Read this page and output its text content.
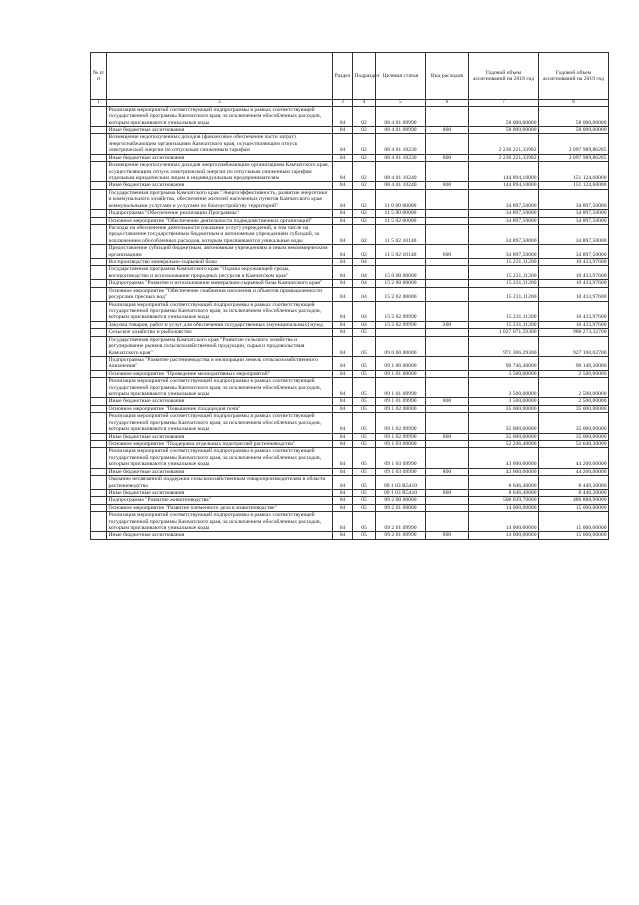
№ п/п		Раздел	Подраздел	Целевая статья	Вид расходов	Годовой объем ассигнований на 2018 год	Годовой объем ассигнований на 2019 год
1	2	3	4	5	6	7	8
	Реализация мероприятий соответствующей подпрограммы в рамках соответствующей государственной программы Камчатского края, за исключением обособленных расходов, которым присваиваются уникальные коды	04	02	08 4 01 09990		58 000,00000	58 000,00000
	Иные бюджетные ассигнования	04	02	08 4 01 09990	800	58 000,00000	58 000,00000
	Возмещение недополученных доходов (финансовое обеспечение части затрат) энергоснабжающим организациям Камчатского края, осуществляющим отпуск электрической энергии по отпускным сниженным тарифам	04	02	08 4 01 10230		2 236 221,33982	3 097 989,86285
	Иные бюджетные ассигнования	04	02	08 4 01 10230	800	2 236 221,33982	3 097 989,86285
	Возмещение недополученных доходов энергоснабжающим организациям Камчатского края, осуществляющим отпуск электрической энергии по отпускным сниженным тарифам отдельным юридическим лицам и индивидуальным предпринимателям	04	02	08 4 01 10240		144 894,10000	151 124,60000
	Иные бюджетные ассигнования	04	02	08 4 01 10240	800	144 894,10000	151 124,60000
	Государственная программа Камчатского края "Энергоэффективность, развитие энергетики и коммунального хозяйства, обеспечение жителей населенных пунктов Камчатского края коммунальными услугами и услугами по благоустройству территорий"	04	02	11 0 00 00000		34 897,50000	34 897,50000
	Подпрограмма "Обеспечение реализации Программы"	04	02	11 5 00 00000		34 897,50000	34 897,50000
	Основное мероприятие "Обеспечение деятельности подведомственных организаций"	04	02	11 5 02 00000		34 897,50000	34 897,50000
	Расходы на обеспечение деятельности (оказание услуг) учреждений, в том числе на предоставление государственным бюджетным и автономным учреждениям субсидий, за исключением обособленных расходов, которым присваиваются уникальные коды	04	02	11 5 02 10140		34 897,50000	34 897,50000
	Предоставление субсидий бюджетным, автономным учреждениям и иным некоммерческим организациям	04	02	11 5 02 10140	600	34 897,50000	34 897,50000
	Воспроизводство минерально-сырьевой базы	04	04			15 231,11200	10 433,97600
	Государственная программа Камчатского края "Охрана окружающей среды, воспроизводство и использование природных ресурсов в Камчатском крае"	04	04	15 0 00 00000		15 231,11200	10 433,97600
	Подпрограмма "Развитие и использование минерально-сырьевой базы Камчатского края"	04	04	15 2 00 00000		15 231,11200	10 433,97600
	Основное мероприятие "Обеспечение снабжения населения и объектов промышленности ресурсами пресных вод"	04	04	15 2 02 00000		15 231,11200	10 433,97600
	Реализация мероприятий соответствующей подпрограммы в рамках соответствующей государственной программы Камчатского края, за исключением обособленных расходов, которым присваиваются уникальные коды	04	04	15 2 02 09990		15 231,11200	10 433,97600
	Закупка товаров, работ и услуг для обеспечения государственных (муниципальных) нужд	04	04	15 2 02 09990	200	15 231,11200	10 433,97600
	Сельское хозяйство и рыболовство	04	05			1 027 671,59300	988 273,32700
	Государственная программа Камчатского края "Развитие сельского хозяйства и регулирование рынков сельскохозяйственной продукции, сырья и продовольствия Камчатского края"	04	05	09 0 00 00000		971 306,29300	927 160,02700
	Подпрограмма "Развитие растениеводства и мелиорации земель сельскохозяйственного назначения"	04	05	09 1 00 00000		90 746,40000	90 140,30000
	Основное мероприятие "Проведение мелиоративных мероприятий"	04	05	09 1 01 00000		3 500,00000	2 500,00000
	Реализация мероприятий соответствующей подпрограммы в рамках соответствующей государственной программы Камчатского края, за исключением обособленных расходов, которым присваиваются уникальные коды	04	05	09 1 01 09990		3 500,00000	2 500,00000
	Иные бюджетные ассигнования	04	05	09 1 01 09990	800	3 500,00000	2 500,00000
	Основное мероприятие "Повышение плодородия почв"	04	05	09 1 02 00000		35 000,00000	35 000,00000
	Реализация мероприятий соответствующей подпрограммы в рамках соответствующей государственной программы Камчатского края, за исключением обособленных расходов, которым присваиваются уникальные коды	04	05	09 1 02 09990		35 000,00000	35 000,00000
	Иные бюджетные ассигнования	04	05	09 1 02 09990	800	35 000,00000	35 000,00000
	Основное мероприятие "Поддержка отдельных подотраслей растениеводства"	04	05	09 1 03 00000		52 246,40000	52 640,30000
	Реализация мероприятий соответствующей подпрограммы в рамках соответствующей государственной программы Камчатского края, за исключением обособленных расходов, которым присваиваются уникальные коды	04	05	09 1 03 09990		43 600,00000	44 200,00000
	Иные бюджетные ассигнования	04	05	09 1 03 09990	800	43 600,00000	44 200,00000
	Оказание несвязанной поддержки сельскохозяйственным товаропроизводителям в области растениеводства	04	05	09 1 03 R5410		8 646,40000	8 440,30000
	Иные бюджетные ассигнования	04	05	09 1 03 R5410	800	8 646,40000	8 440,30000
	Подпрограмма "Развитие животноводства"	04	05	09 2 00 00000		508 039,70000	480 888,90000
	Основное мероприятие "Развитие племенного дела в животноводстве"	04	05	09 2 01 00000		14 000,00000	15 000,00000
	Реализация мероприятий соответствующей подпрограммы в рамках соответствующей государственной программы Камчатского края, за исключением обособленных расходов, которым присваиваются уникальные коды	04	05	09 2 01 09990		14 000,00000	15 000,00000
	Иные бюджетные ассигнования	04	05	09 2 01 09990	800	14 000,00000	15 000,00000
